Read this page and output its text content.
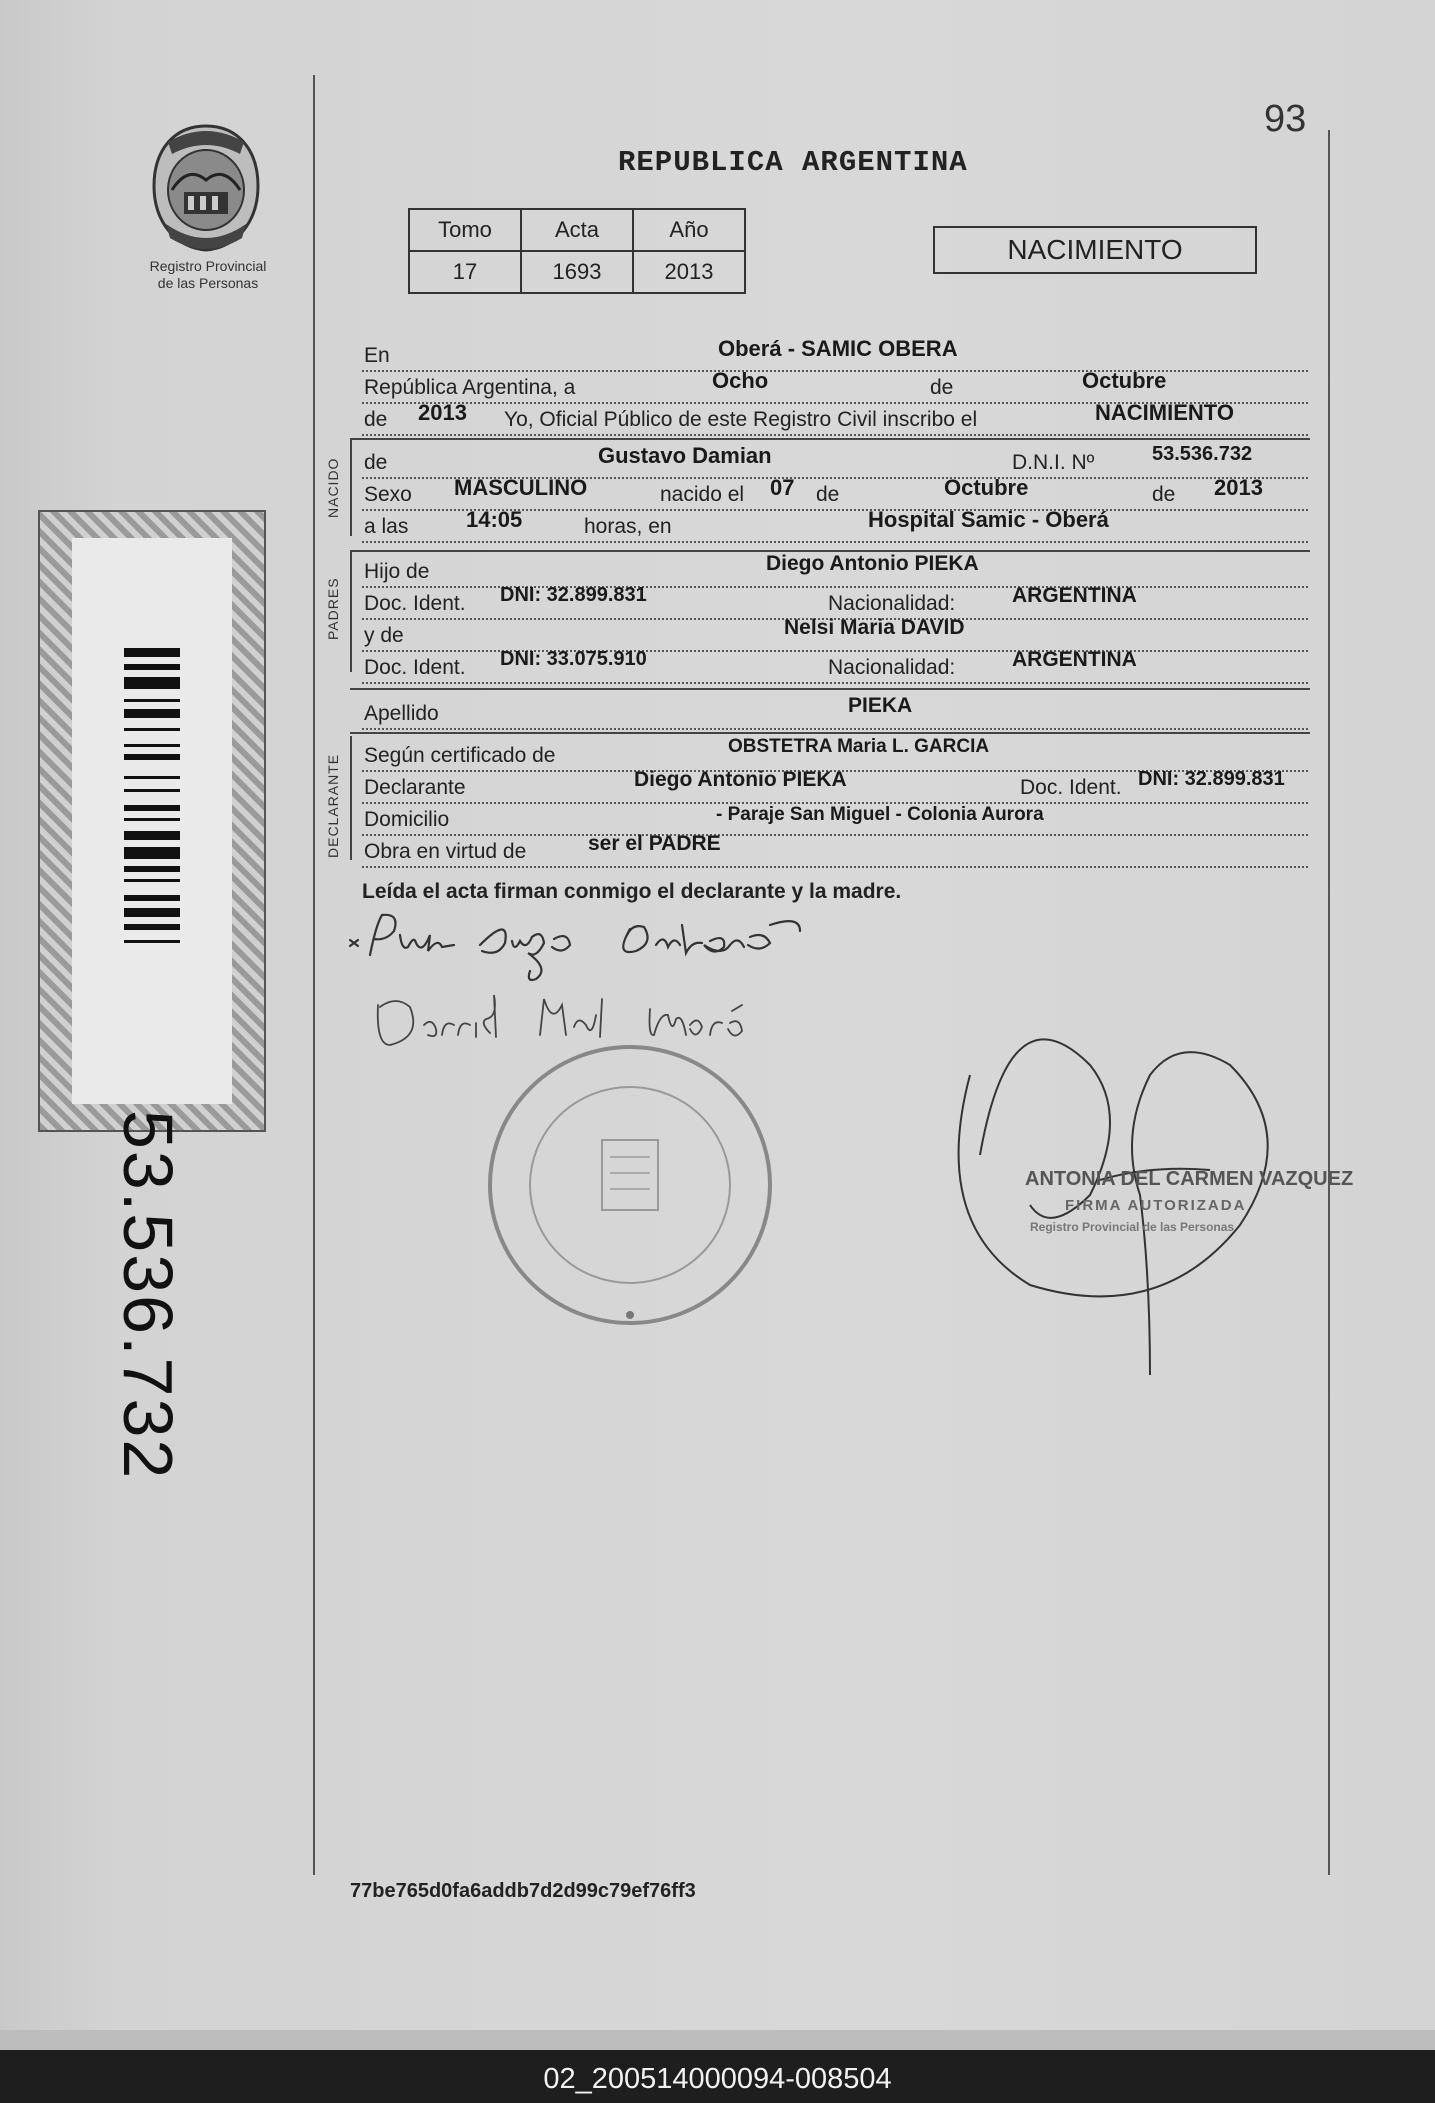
Registro Provincial
de las Personas
53.536.732
93
REPUBLICA ARGENTINA
Tomo	Acta	Año
17	1693	2013
NACIMIENTO
En	Oberá - SAMIC OBERA
República Argentina, a	Ocho	de	Octubre
de 2013 Yo, Oficial Público de este Registro Civil inscribo el	NACIMIENTO
NACIDO de	Gustavo Damian	D.N.I. Nº	53.536.732
Sexo MASCULINO	nacido el 07 de	Octubre	de 2013
a las	14:05	horas, en	Hospital Samic - Oberá
PADRES
Hijo de	Diego Antonio PIEKA
Doc. Ident. DNI: 32.899.831	Nacionalidad:	ARGENTINA
y de	Nelsi Maria DAVID
Doc. Ident. DNI: 33.075.910	Nacionalidad:	ARGENTINA
Apellido	PIEKA
DECLARANTE Según certificado de	OBSTETRA Maria L. GARCIA
Declarante	Diego Antonio PIEKA	Doc. Ident. DNI: 32.899.831
Domicilio	- Paraje San Miguel - Colonia Aurora
Obra en virtud de	ser el PADRE
Leída el acta firman conmigo el declarante y la madre.
ANTONIA DEL CARMEN VAZQUEZ
FIRMA AUTORIZADA
Registro Provincial de las Personas
77be765d0fa6addb7d2d99c79ef76ff3
02_200514000094-008504
